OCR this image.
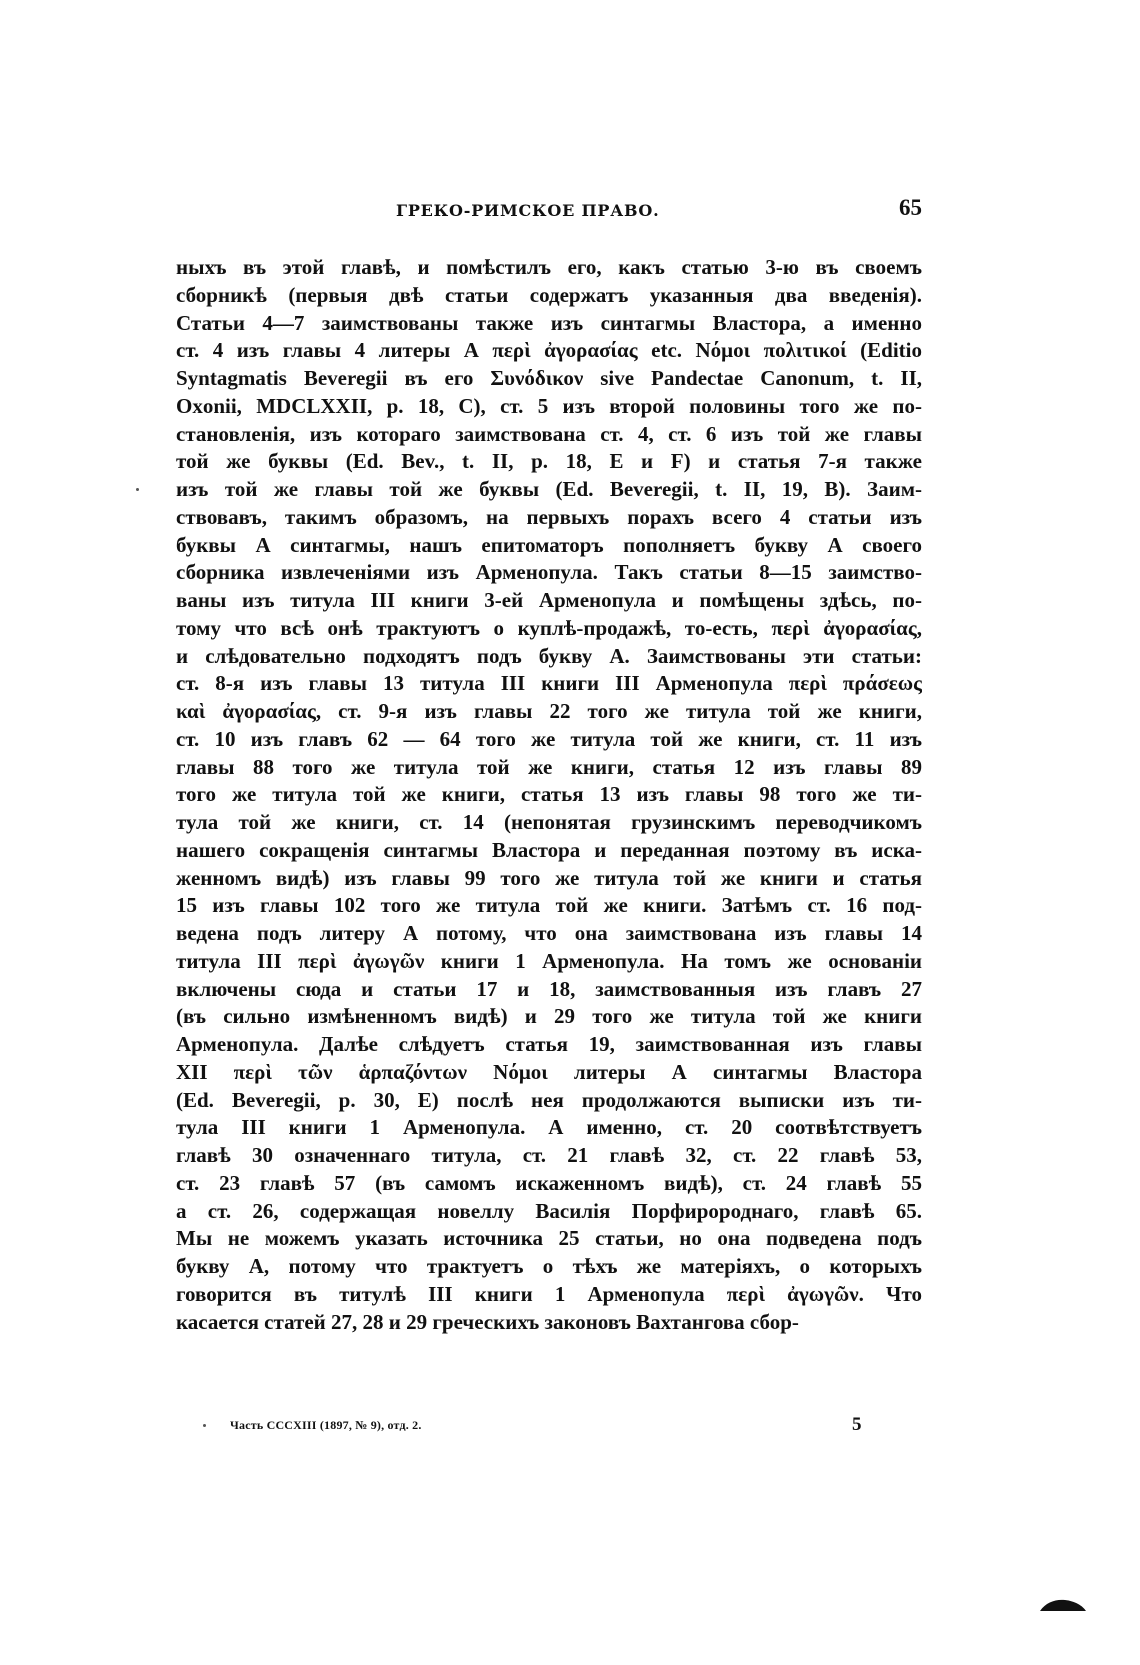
ГРЕКО-РИМСКОЕ ПРАВО.	65
ныхъ въ этой главѣ, и помѣстилъ его, какъ статью 3-ю въ своемъ
сборникѣ (первыя двѣ статьи содержатъ указанныя два введенія).
Статьи 4—7 заимствованы также изъ синтагмы Властора, а именно
ст. 4 изъ главы 4 литеры А περὶ ἀγορασίας etc. Νόμοι πολιτικοί (Editio
Syntagmatis Beveregii въ его Συνόδικον sive Pandectae Canonum, t. II,
Oxonii, MDCLXXII, p. 18, C), ст. 5 изъ второй половины того же по-
становленія, изъ котораго заимствована ст. 4, ст. 6 изъ той же главы
той же буквы (Ed. Bev., t. II, p. 18, E и F) и статья 7-я также
изъ той же главы той же буквы (Ed. Beveregii, t. II, 19, B). Заим-
ствовавъ, такимъ образомъ, на первыхъ порахъ всего 4 статьи изъ
буквы А синтагмы, нашъ епитоматоръ пополняетъ букву А своего
сборника извлеченіями изъ Арменопула. Такъ статьи 8—15 заимство-
ваны изъ титула III книги 3-ей Арменопула и помѣщены здѣсь, по-
тому что всѣ онѣ трактуютъ о куплѣ-продажѣ, то-есть, περὶ ἀγορασίας,
и слѣдовательно подходятъ подъ букву А. Заимствованы эти статьи:
ст. 8-я изъ главы 13 титула III книги III Арменопула περὶ πράσεως
καὶ ἀγορασίας, ст. 9-я изъ главы 22 того же титула той же книги,
ст. 10 изъ главъ 62 — 64 того же титула той же книги, ст. 11 изъ
главы 88 того же титула той же книги, статья 12 изъ главы 89
того же титула той же книги, статья 13 изъ главы 98 того же ти-
тула той же книги, ст. 14 (непонятая грузинскимъ переводчикомъ
нашего сокращенія синтагмы Властора и переданная поэтому въ иска-
женномъ видѣ) изъ главы 99 того же титула той же книги и статья
15 изъ главы 102 того же титула той же книги. Затѣмъ ст. 16 под-
ведена подъ литеру А потому, что она заимствована изъ главы 14
титула III περὶ ἀγωγῶν книги 1 Арменопула. На томъ же основаніи
включены сюда и статьи 17 и 18, заимствованныя изъ главъ 27
(въ сильно измѣненномъ видѣ) и 29 того же титула той же книги
Арменопула. Далѣе слѣдуетъ статья 19, заимствованная изъ главы
XII περὶ τῶν ἁρπαζόντων Νόμοι литеры А синтагмы Властора
(Ed. Beveregii, p. 30, E) послѣ нея продолжаются выписки изъ ти-
тула III книги 1 Арменопула. А именно, ст. 20 соотвѣтствуетъ
главѣ 30 означеннаго титула, ст. 21 главѣ 32, ст. 22 главѣ 53,
ст. 23 главѣ 57 (въ самомъ искаженномъ видѣ), ст. 24 главѣ 55
а ст. 26, содержащая новеллу Василія Порфиророднаго, главѣ 65.
Мы не можемъ указать источника 25 статьи, но она подведена подъ
букву А, потому что трактуетъ о тѣхъ же матеріяхъ, о которыхъ
говорится въ титулѣ III книги 1 Арменопула περὶ ἀγωγῶν. Что
касается статей 27, 28 и 29 греческихъ законовъ Вахтангова сбор-
Часть CCCXIII (1897, № 9), отд. 2.	5
